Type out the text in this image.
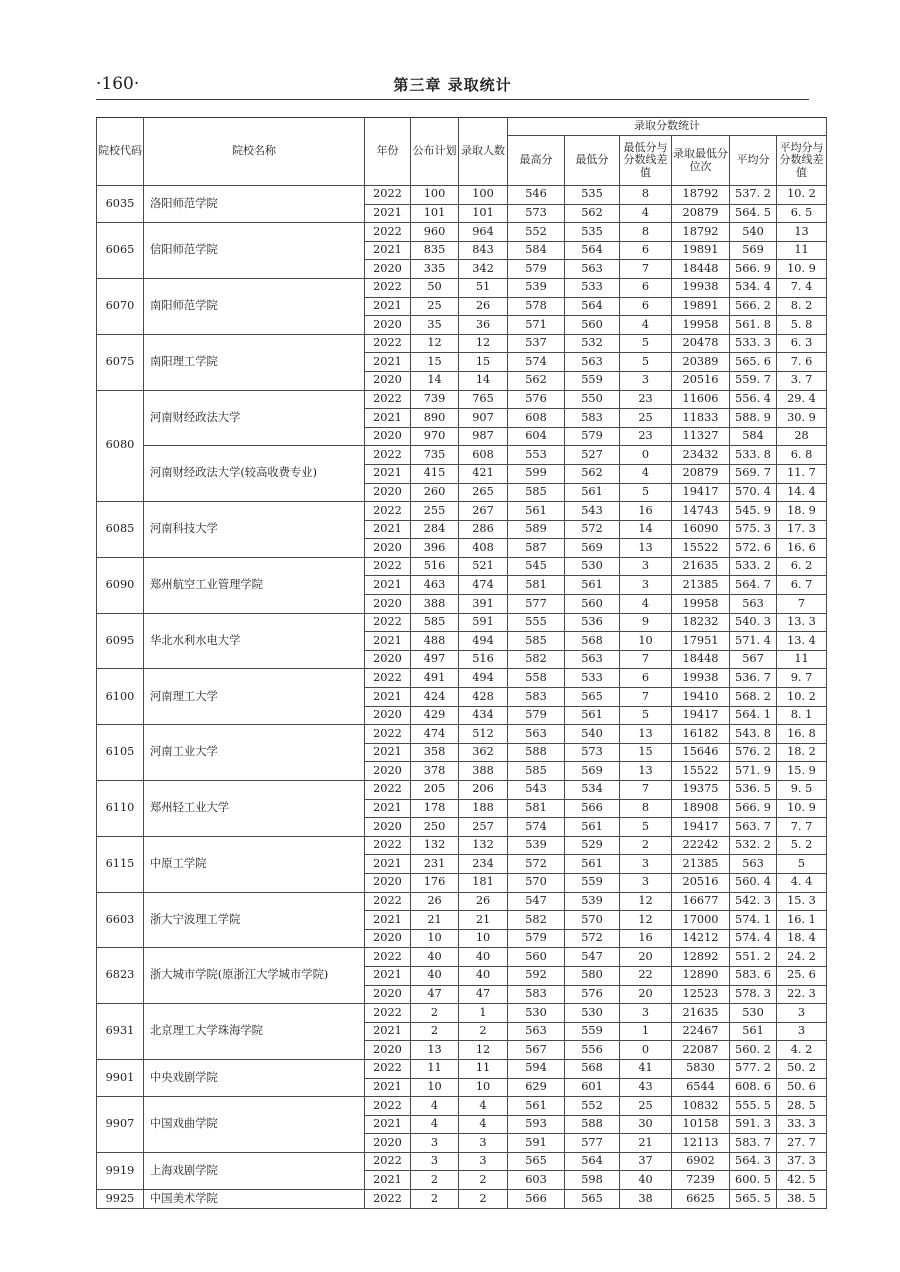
·160·	第三章 录取统计
院校代码	院校名称	年份	公布计划	录取人数	录取分数统计					
					最高分	最低分	最低分与分数线差值	录取最低分位次	平均分	平均分与分数线差值
6035	洛阳师范学院	2022	100	100	546	535	8	18792	537. 2	10. 2
		2021	101	101	573	562	4	20879	564. 5	6. 5
6065	信阳师范学院	2022	960	964	552	535	8	18792	540	13
		2021	835	843	584	564	6	19891	569	11
		2020	335	342	579	563	7	18448	566. 9	10. 9
6070	南阳师范学院	2022	50	51	539	533	6	19938	534. 4	7. 4
		2021	25	26	578	564	6	19891	566. 2	8. 2
		2020	35	36	571	560	4	19958	561. 8	5. 8
6075	南阳理工学院	2022	12	12	537	532	5	20478	533. 3	6. 3
		2021	15	15	574	563	5	20389	565. 6	7. 6
		2020	14	14	562	559	3	20516	559. 7	3. 7
6080	河南财经政法大学	2022	739	765	576	550	23	11606	556. 4	29. 4
		2021	890	907	608	583	25	11833	588. 9	30. 9
		2020	970	987	604	579	23	11327	584	28
	河南财经政法大学(较高收费专业)	2022	735	608	553	527	0	23432	533. 8	6. 8
		2021	415	421	599	562	4	20879	569. 7	11. 7
		2020	260	265	585	561	5	19417	570. 4	14. 4
6085	河南科技大学	2022	255	267	561	543	16	14743	545. 9	18. 9
		2021	284	286	589	572	14	16090	575. 3	17. 3
		2020	396	408	587	569	13	15522	572. 6	16. 6
6090	郑州航空工业管理学院	2022	516	521	545	530	3	21635	533. 2	6. 2
		2021	463	474	581	561	3	21385	564. 7	6. 7
		2020	388	391	577	560	4	19958	563	7
6095	华北水利水电大学	2022	585	591	555	536	9	18232	540. 3	13. 3
		2021	488	494	585	568	10	17951	571. 4	13. 4
		2020	497	516	582	563	7	18448	567	11
6100	河南理工大学	2022	491	494	558	533	6	19938	536. 7	9. 7
		2021	424	428	583	565	7	19410	568. 2	10. 2
		2020	429	434	579	561	5	19417	564. 1	8. 1
6105	河南工业大学	2022	474	512	563	540	13	16182	543. 8	16. 8
		2021	358	362	588	573	15	15646	576. 2	18. 2
		2020	378	388	585	569	13	15522	571. 9	15. 9
6110	郑州轻工业大学	2022	205	206	543	534	7	19375	536. 5	9. 5
		2021	178	188	581	566	8	18908	566. 9	10. 9
		2020	250	257	574	561	5	19417	563. 7	7. 7
6115	中原工学院	2022	132	132	539	529	2	22242	532. 2	5. 2
		2021	231	234	572	561	3	21385	563	5
		2020	176	181	570	559	3	20516	560. 4	4. 4
6603	浙大宁波理工学院	2022	26	26	547	539	12	16677	542. 3	15. 3
		2021	21	21	582	570	12	17000	574. 1	16. 1
		2020	10	10	579	572	16	14212	574. 4	18. 4
6823	浙大城市学院(原浙江大学城市学院)	2022	40	40	560	547	20	12892	551. 2	24. 2
		2021	40	40	592	580	22	12890	583. 6	25. 6
		2020	47	47	583	576	20	12523	578. 3	22. 3
6931	北京理工大学珠海学院	2022	2	1	530	530	3	21635	530	3
		2021	2	2	563	559	1	22467	561	3
		2020	13	12	567	556	0	22087	560. 2	4. 2
9901	中央戏剧学院	2022	11	11	594	568	41	5830	577. 2	50. 2
		2021	10	10	629	601	43	6544	608. 6	50. 6
9907	中国戏曲学院	2022	4	4	561	552	25	10832	555. 5	28. 5
		2021	4	4	593	588	30	10158	591. 3	33. 3
		2020	3	3	591	577	21	12113	583. 7	27. 7
9919	上海戏剧学院	2022	3	3	565	564	37	6902	564. 3	37. 3
		2021	2	2	603	598	40	7239	600. 5	42. 5
9925	中国美术学院	2022	2	2	566	565	38	6625	565. 5	38. 5
